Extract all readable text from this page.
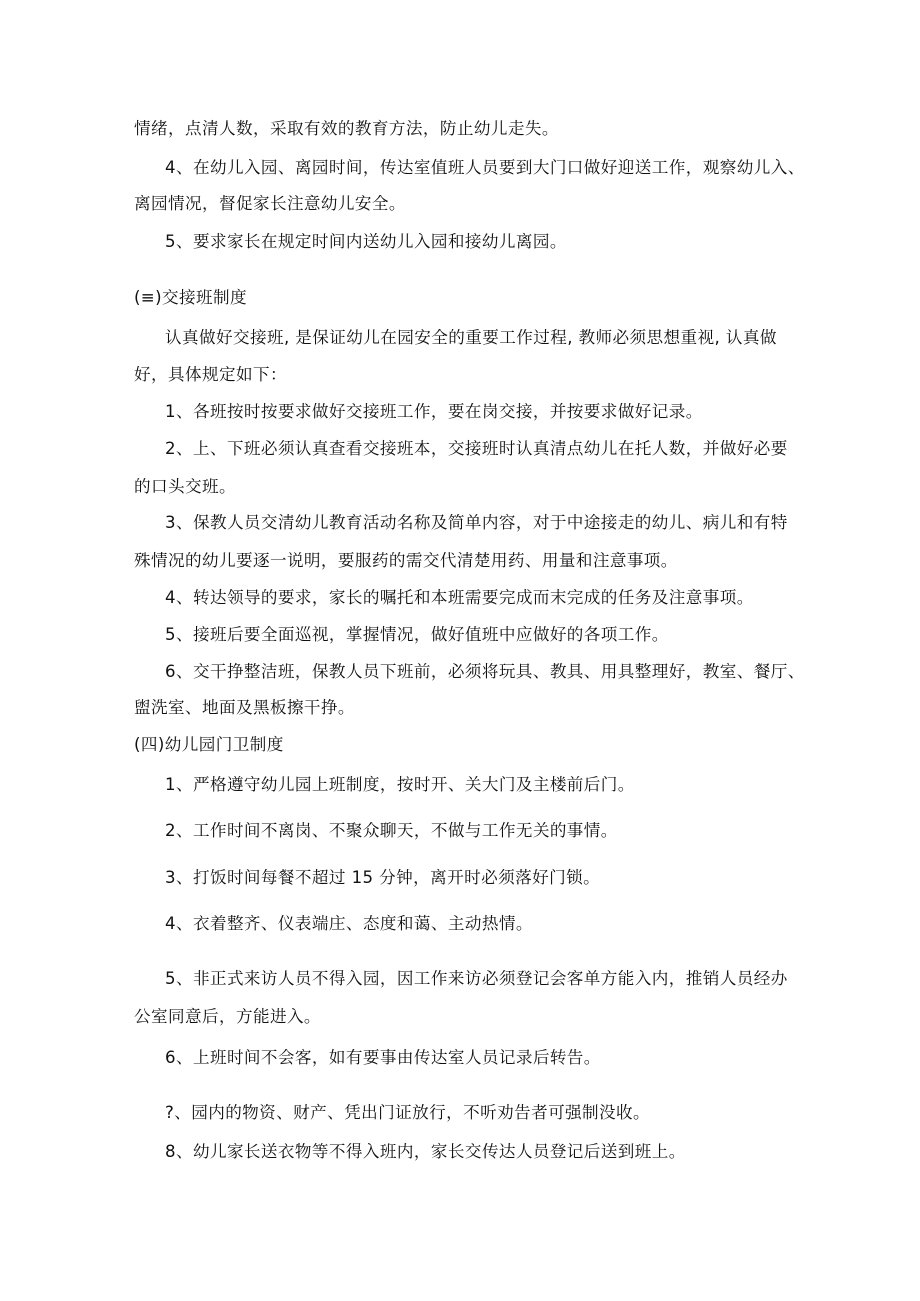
情绪，点清人数，采取有效的教育方法，防止幼儿走失。
4、在幼儿入园、离园时间，传达室值班人员要到大门口做好迎送工作，观察幼儿入、
离园情况，督促家长注意幼儿安全。
5、要求家长在规定时间内送幼儿入园和接幼儿离园。
(≡)交接班制度
认真做好交接班, 是保证幼儿在园安全的重要工作过程, 教师必须思想重视, 认真做
好，具体规定如下：
1、各班按时按要求做好交接班工作，要在岗交接，并按要求做好记录。
2、上、下班必须认真查看交接班本，交接班时认真清点幼儿在托人数，并做好必要
的口头交班。
3、保教人员交清幼儿教育活动名称及简单内容，对于中途接走的幼儿、病儿和有特
殊情况的幼儿要逐一说明，要服药的需交代清楚用药、用量和注意事项。
4、转达领导的要求，家长的嘱托和本班需要完成而末完成的任务及注意事项。
5、接班后要全面巡视，掌握情况，做好值班中应做好的各项工作。
6、交干挣整洁班，保教人员下班前，必须将玩具、教具、用具整理好，教室、餐厅、
盥洗室、地面及黑板擦干挣。
(四)幼儿园门卫制度
1、严格遵守幼儿园上班制度，按时开、关大门及主楼前后门。
2、工作时间不离岗、不聚众聊天，不做与工作无关的事情。
3、打饭时间每餐不超过 15 分钟，离开时必须落好门锁。
4、衣着整齐、仪表端庄、态度和蔼、主动热情。
5、非正式来访人员不得入园，因工作来访必须登记会客单方能入内，推销人员经办
公室同意后，方能进入。
6、上班时间不会客，如有要事由传达室人员记录后转告。
?、园内的物资、财产、凭出门证放行，不听劝告者可强制没收。
8、幼儿家长送衣物等不得入班内，家长交传达人员登记后送到班上。
